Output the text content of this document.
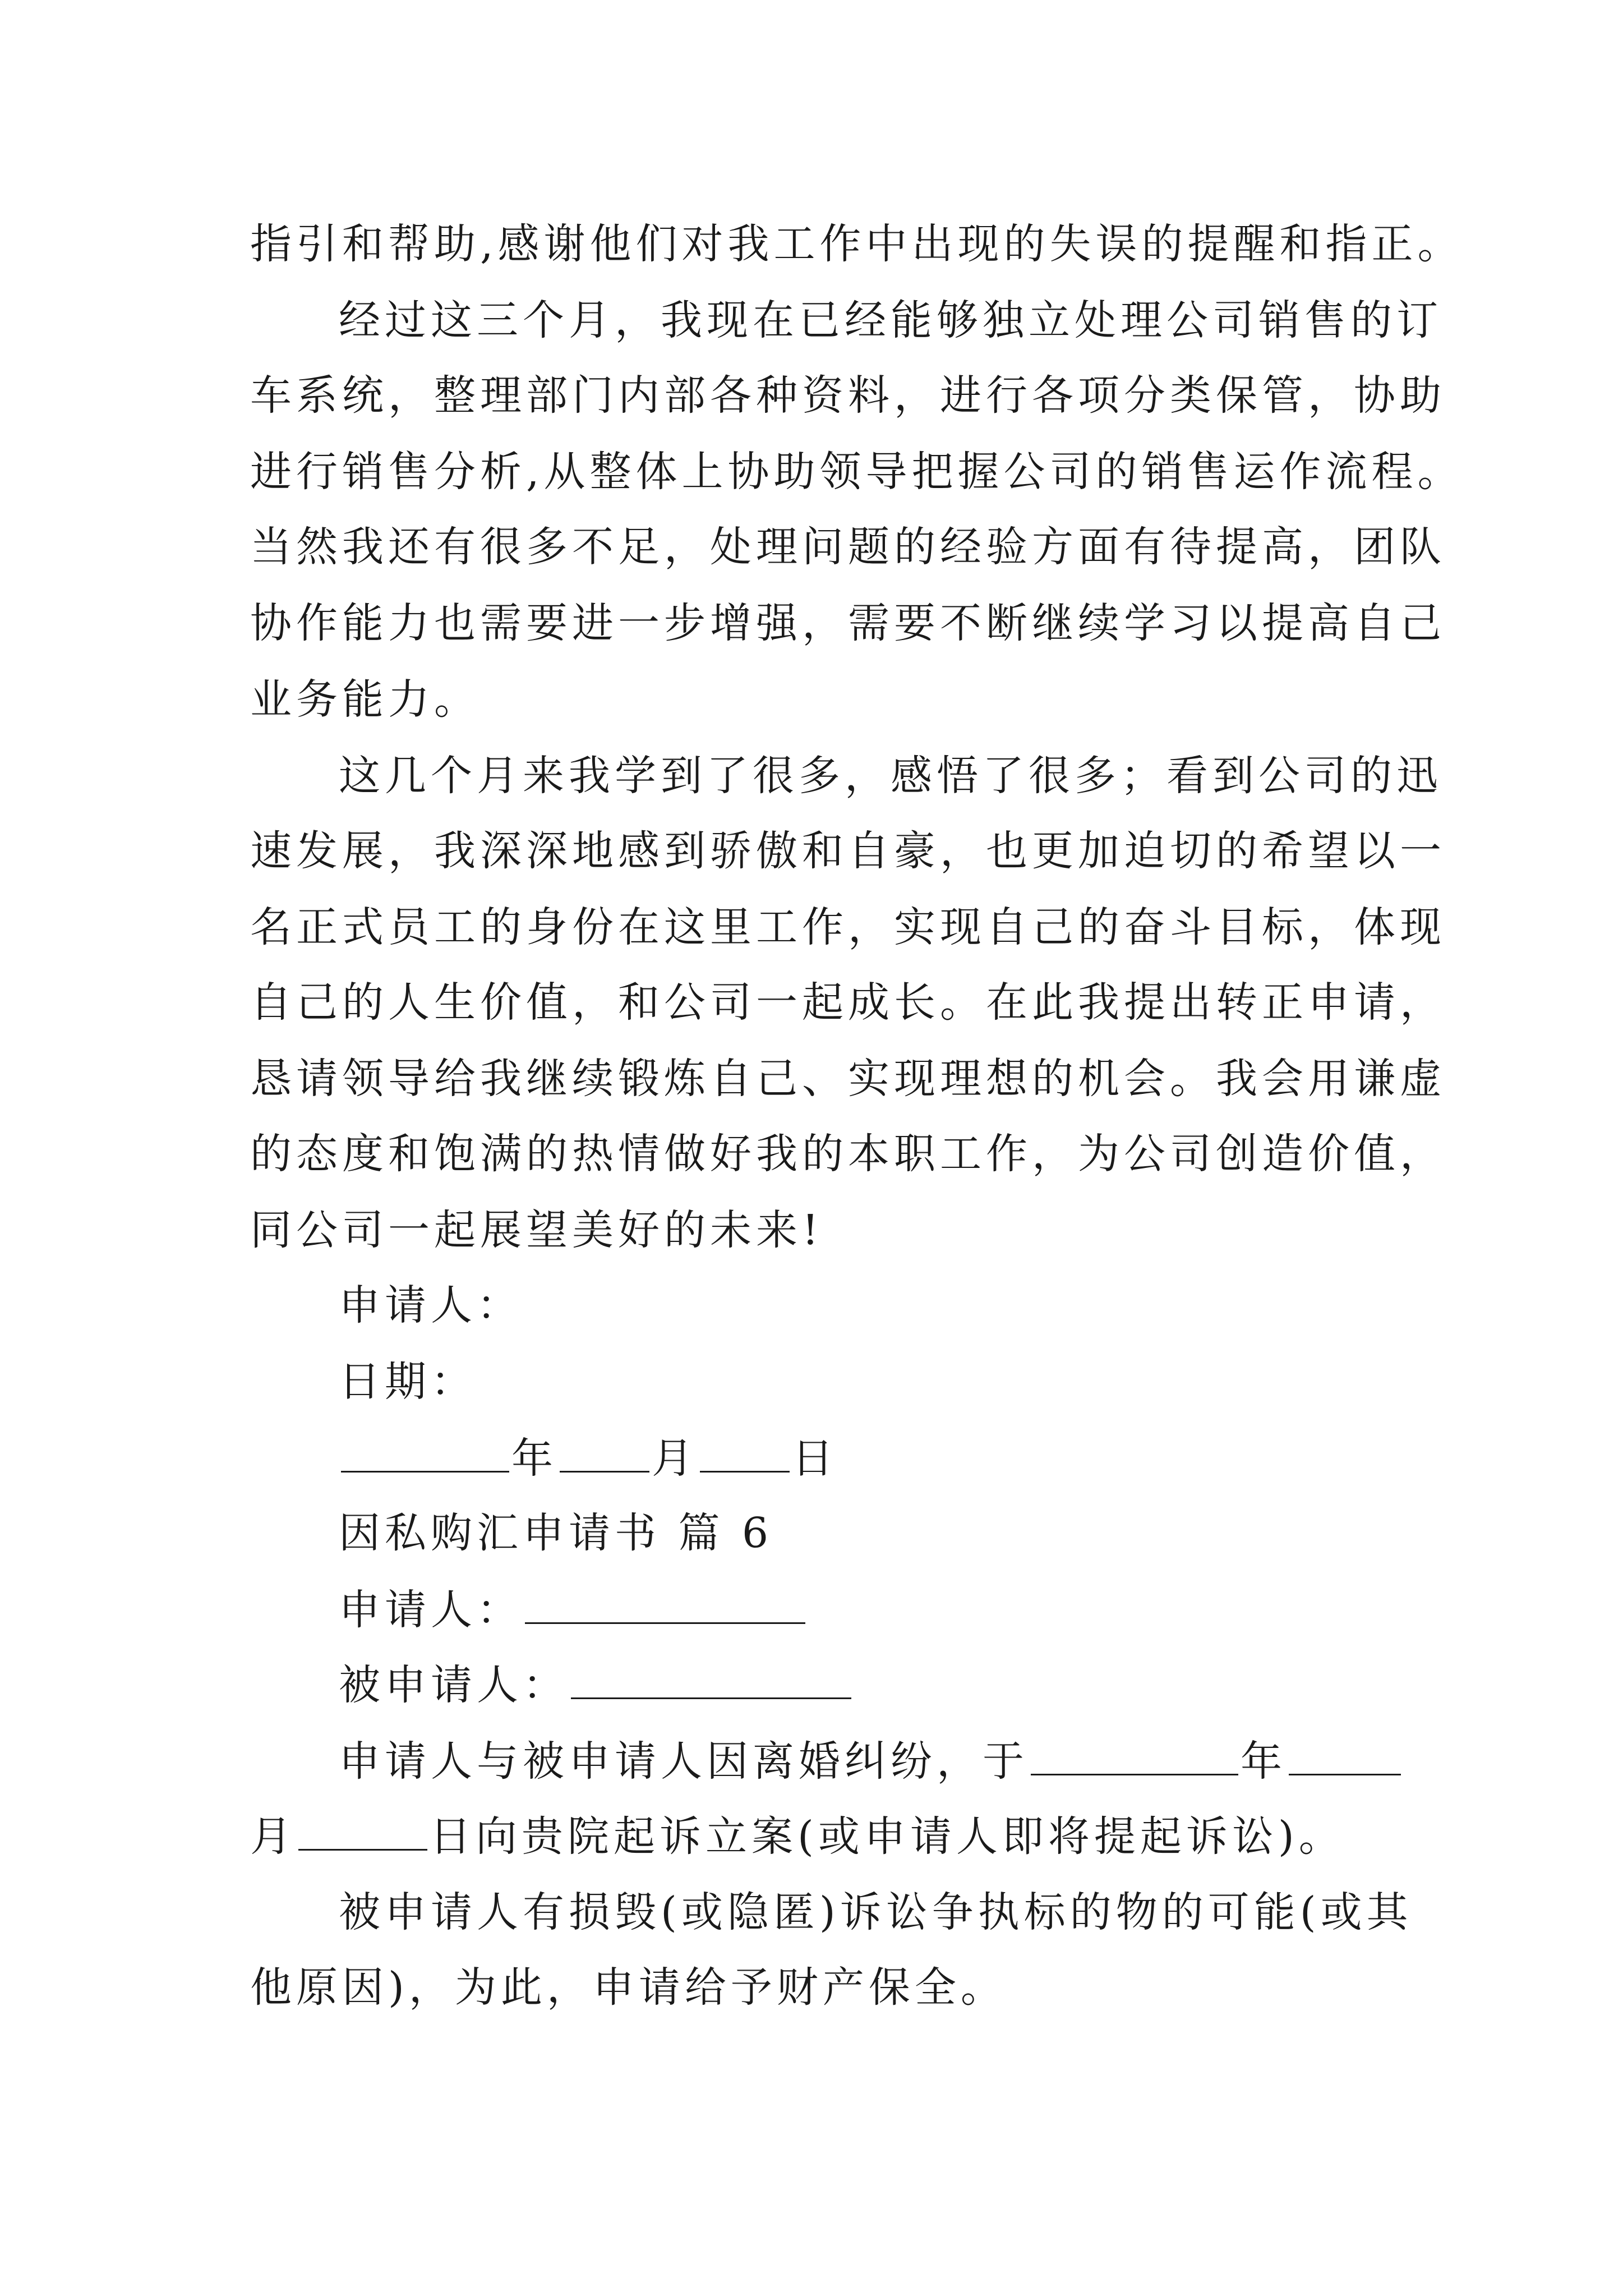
指引和帮助,感谢他们对我工作中出现的失误的提醒和指正。
经过这三个月，我现在已经能够独立处理公司销售的订
车系统，整理部门内部各种资料，进行各项分类保管，协助
进行销售分析,从整体上协助领导把握公司的销售运作流程。
当然我还有很多不足，处理问题的经验方面有待提高，团队
协作能力也需要进一步增强，需要不断继续学习以提高自己
业务能力。
这几个月来我学到了很多，感悟了很多；看到公司的迅
速发展，我深深地感到骄傲和自豪，也更加迫切的希望以一
名正式员工的身份在这里工作，实现自己的奋斗目标，体现
自己的人生价值，和公司一起成长。在此我提出转正申请，
恳请领导给我继续锻炼自己、实现理想的机会。我会用谦虚
的态度和饱满的热情做好我的本职工作，为公司创造价值，
同公司一起展望美好的未来!
申请人：
日期：
年 月 日
因私购汇申请书 篇 6
申请人：
被申请人：
申请人与被申请人因离婚纠纷，于	年
月	日向贵院起诉立案(或申请人即将提起诉讼)。
被申请人有损毁(或隐匿)诉讼争执标的物的可能(或其
他原因)，为此，申请给予财产保全。
